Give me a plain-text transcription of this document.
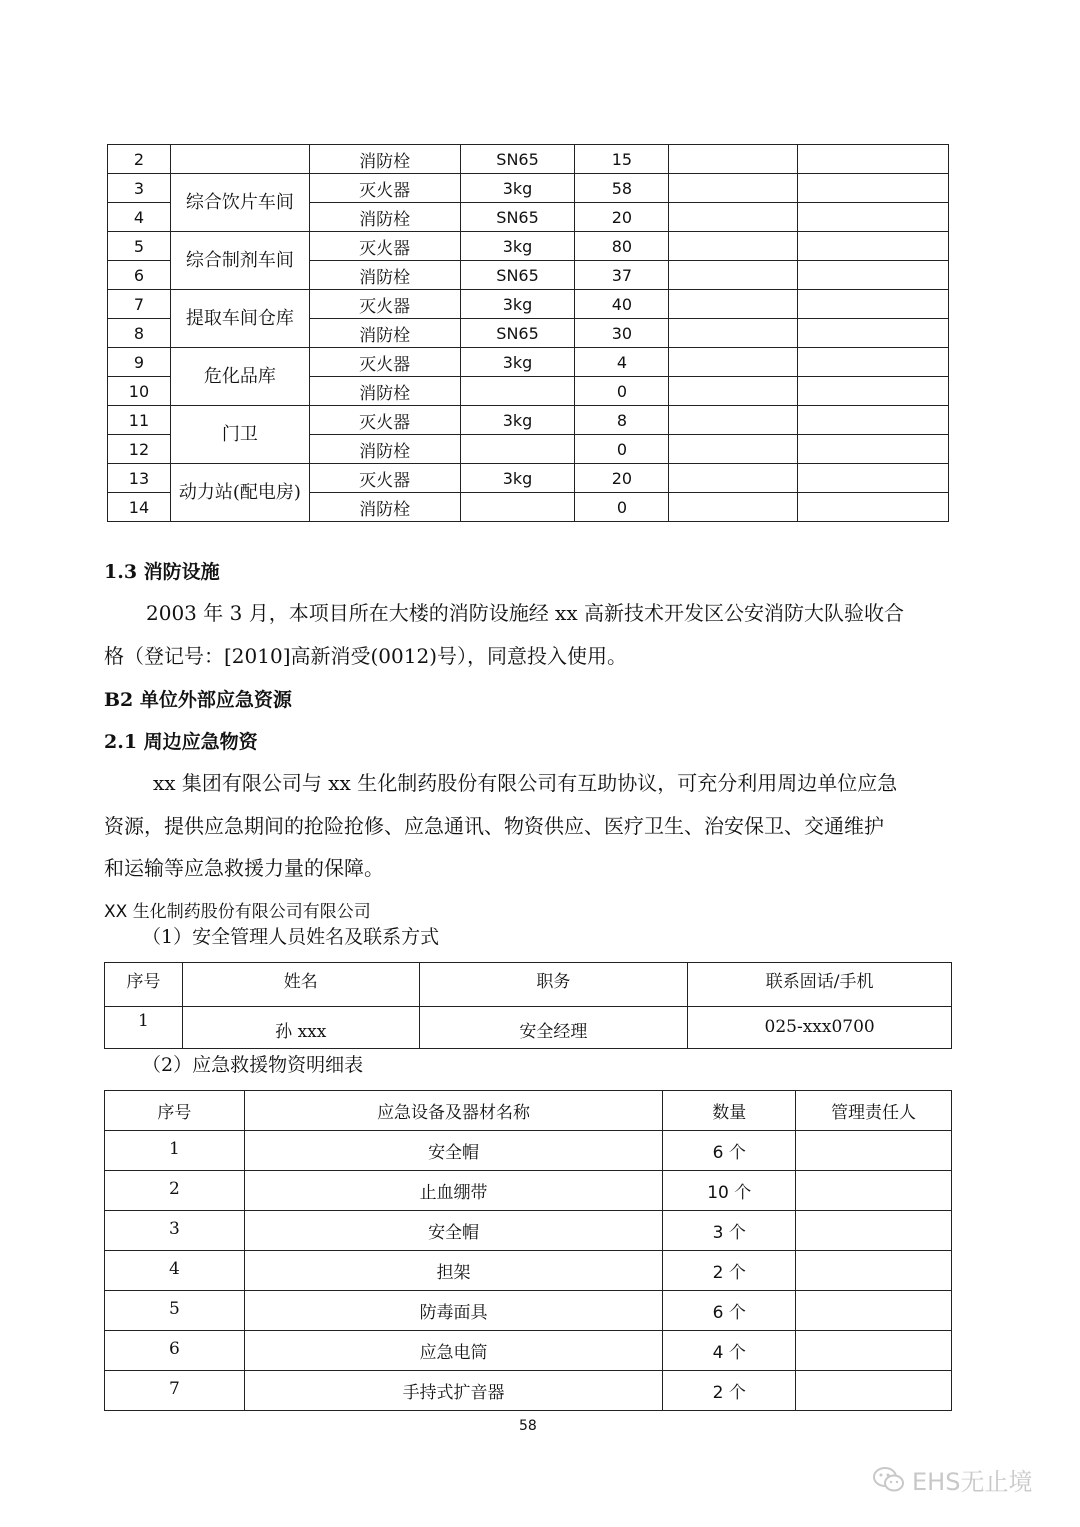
2		消防栓	SN65	15		
3	综合饮片车间	灭火器	3kg	58		
4		消防栓	SN65	20		
5	综合制剂车间	灭火器	3kg	80		
6		消防栓	SN65	37		
7	提取车间仓库	灭火器	3kg	40		
8		消防栓	SN65	30		
9	危化品库	灭火器	3kg	4		
10		消防栓		0		
11	门卫	灭火器	3kg	8		
12		消防栓		0		
13	动力站(配电房)	灭火器	3kg	20		
14		消防栓		0		
1.3 消防设施
2003 年 3 月，本项目所在大楼的消防设施经 xx 高新技术开发区公安消防大队验收合
格（登记号：[2010]高新消受(0012)号），同意投入使用。
B2 单位外部应急资源
2.1 周边应急物资
xx 集团有限公司与 xx 生化制药股份有限公司有互助协议，可充分利用周边单位应急
资源，提供应急期间的抢险抢修、应急通讯、物资供应、医疗卫生、治安保卫、交通维护
和运输等应急救援力量的保障。
XX 生化制药股份有限公司有限公司
（1）安全管理人员姓名及联系方式
序号	姓名	职务	联系固话/手机
1	孙 xxx	安全经理	025-xxx0700
（2）应急救援物资明细表
序号	应急设备及器材名称	数量	管理责任人
1	安全帽	6 个	
2	止血绷带	10 个	
3	安全帽	3 个	
4	担架	2 个	
5	防毒面具	6 个	
6	应急电筒	4 个	
7	手持式扩音器	2 个	
58
EHS无止境
